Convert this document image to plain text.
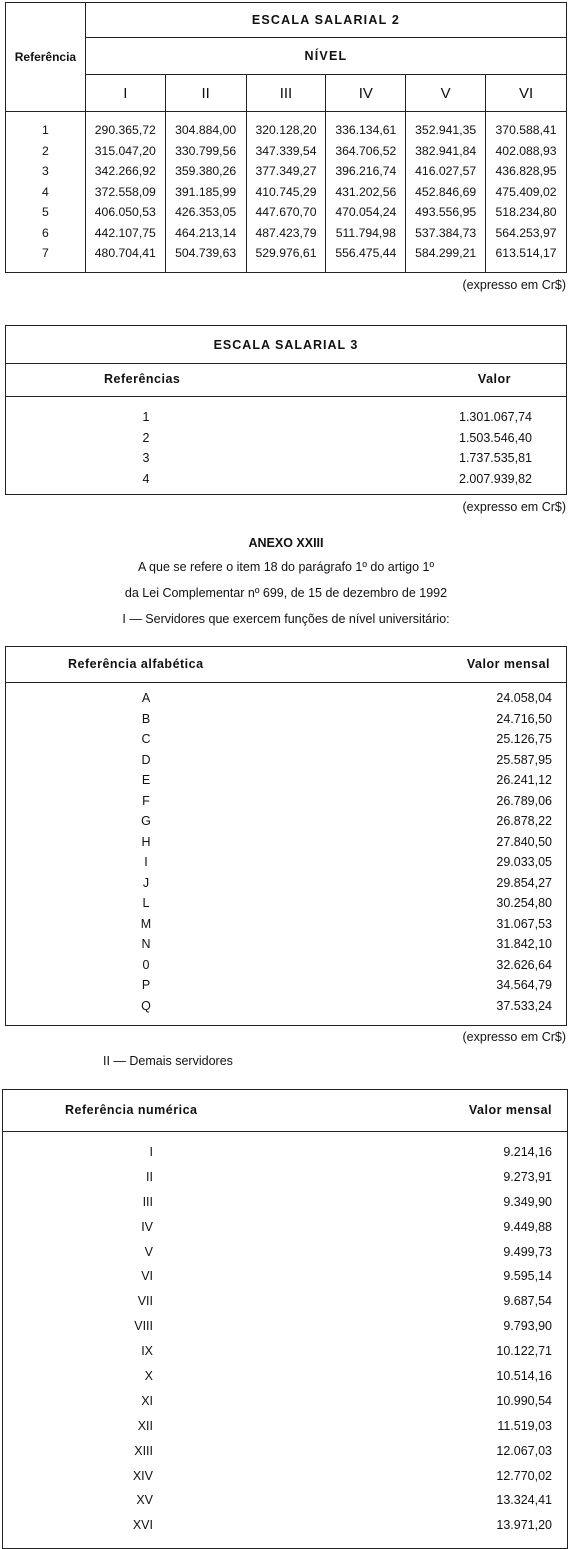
Referência	ESCALA SALARIAL 2					
	NÍVEL					
	I	II	III	IV	V	VI
1	290.365,72	304.884,00	320.128,20	336.134,61	352.941,35	370.588,41
2	315.047,20	330.799,56	347.339,54	364.706,52	382.941,84	402.088,93
3	342.266,92	359.380,26	377.349,27	396.216,74	416.027,57	436.828,95
4	372.558,09	391.185,99	410.745,29	431.202,56	452.846,69	475.409,02
5	406.050,53	426.353,05	447.670,70	470.054,24	493.556,95	518.234,80
6	442.107,75	464.213,14	487.423,79	511.794,98	537.384,73	564.253,97
7	480.704,41	504.739,63	529.976,61	556.475,44	584.299,21	613.514,17
(expresso em Cr$)
ESCALA SALARIAL 3
Referências	Valor
1	1.301.067,74
2	1.503.546,40
3	1.737.535,81
4	2.007.939,82
(expresso em Cr$)
ANEXO XXIII
A que se refere o item 18 do parágrafo 1º do artigo 1º
da Lei Complementar nº 699, de 15 de dezembro de 1992
I — Servidores que exercem funções de nível universitário:
Referência alfabética	Valor mensal
A	24.058,04
B	24.716,50
C	25.126,75
D	25.587,95
E	26.241,12
F	26.789,06
G	26.878,22
H	27.840,50
I	29.033,05
J	29.854,27
L	30.254,80
M	31.067,53
N	31.842,10
0	32.626,64
P	34.564,79
Q	37.533,24
(expresso em Cr$)
II — Demais servidores
Referência numérica	Valor mensal
I	9.214,16
II	9.273,91
III	9.349,90
IV	9.449,88
V	9.499,73
VI	9.595,14
VII	9.687,54
VIII	9.793,90
IX	10.122,71
X	10.514,16
XI	10.990,54
XII	11.519,03
XIII	12.067,03
XIV	12.770,02
XV	13.324,41
XVI	13.971,20
